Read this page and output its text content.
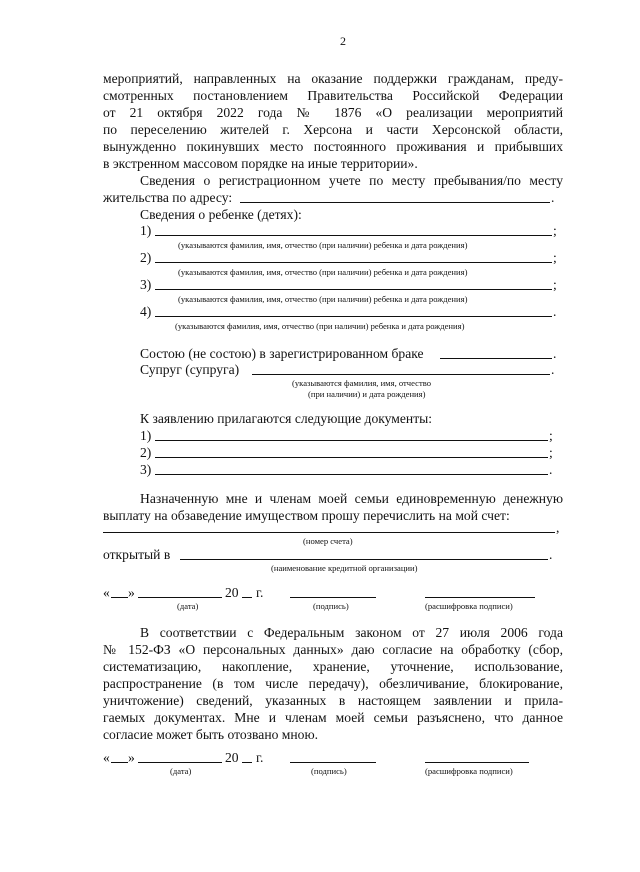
2
мероприятий, направленных на оказание поддержки гражданам, преду-
смотренных постановлением Правительства Российской Федерации
от 21 октября 2022 года № 1876 «О реализации мероприятий
по переселению жителей г. Херсона и части Херсонской области,
вынужденно покинувших место постоянного проживания и прибывших
в экстренном массовом порядке на иные территории».
Сведения о регистрационном учете по месту пребывания/по месту
жительства по адресу:	.
Сведения о ребенке (детях):
1)	;
(указываются фамилия, имя, отчество (при наличии) ребенка и дата рождения)
2)	;
(указываются фамилия, имя, отчество (при наличии) ребенка и дата рождения)
3)	;
(указываются фамилия, имя, отчество (при наличии) ребенка и дата рождения)
4)	.
(указываются фамилия, имя, отчество (при наличии) ребенка и дата рождения)
Состою (не состою) в зарегистрированном браке	.
Супруг (супруга)	.
(указываются фамилия, имя, отчество
(при наличии) и дата рождения)
К заявлению прилагаются следующие документы:
1)	;
2)	;
3)	.
Назначенную мне и членам моей семьи единовременную денежную
выплату на обзаведение имуществом прошу перечислить на мой счет:
,
(номер счета)
открытый в	.
(наименование кредитной организации)
« »	20 г.
(дата)	(подпись)	(расшифровка подписи)
В соответствии с Федеральным законом от 27 июля 2006 года
№ 152-ФЗ «О персональных данных» даю согласие на обработку (сбор,
систематизацию, накопление, хранение, уточнение, использование,
распространение (в том числе передачу), обезличивание, блокирование,
уничтожение) сведений, указанных в настоящем заявлении и прила-
гаемых документах. Мне и членам моей семьи разъяснено, что данное
согласие может быть отозвано мною.
« »	20 г.
(дата)	(подпись)	(расшифровка подписи)
